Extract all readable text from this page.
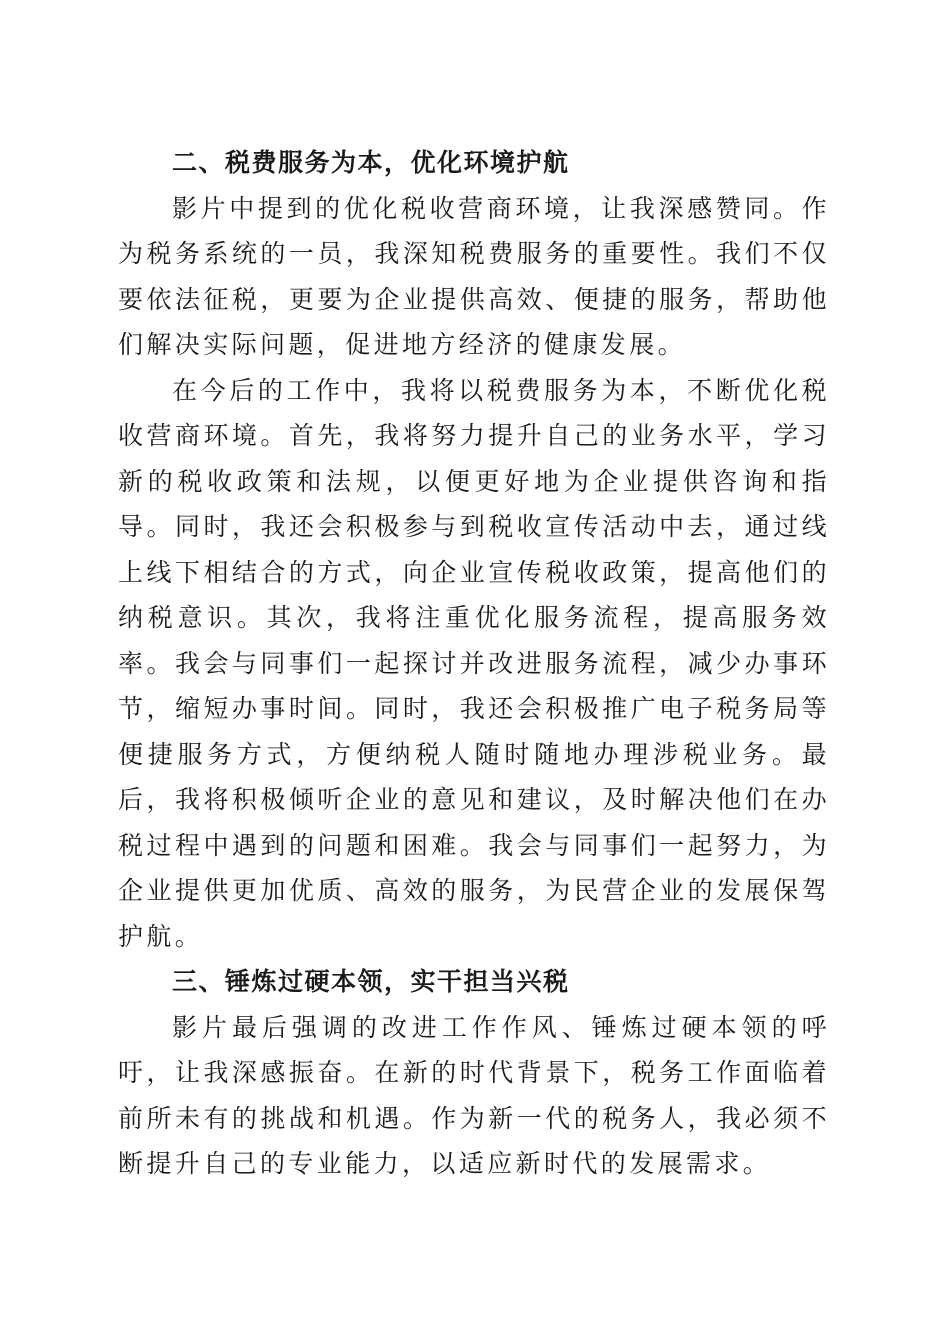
二、税费服务为本，优化环境护航

影片中提到的优化税收营商环境，让我深感赞同。作为税务系统的一员，我深知税费服务的重要性。我们不仅要依法征税，更要为企业提供高效、便捷的服务，帮助他们解决实际问题，促进地方经济的健康发展。

在今后的工作中，我将以税费服务为本，不断优化税收营商环境。首先，我将努力提升自己的业务水平，学习新的税收政策和法规，以便更好地为企业提供咨询和指导。同时，我还会积极参与到税收宣传活动中去，通过线上线下相结合的方式，向企业宣传税收政策，提高他们的纳税意识。其次，我将注重优化服务流程，提高服务效率。我会与同事们一起探讨并改进服务流程，减少办事环节，缩短办事时间。同时，我还会积极推广电子税务局等便捷服务方式，方便纳税人随时随地办理涉税业务。最后，我将积极倾听企业的意见和建议，及时解决他们在办税过程中遇到的问题和困难。我会与同事们一起努力，为企业提供更加优质、高效的服务，为民营企业的发展保驾护航。

三、锤炼过硬本领，实干担当兴税

影片最后强调的改进工作作风、锤炼过硬本领的呼吁，让我深感振奋。在新的时代背景下，税务工作面临着前所未有的挑战和机遇。作为新一代的税务人，我必须不断提升自己的专业能力，以适应新时代的发展需求。
